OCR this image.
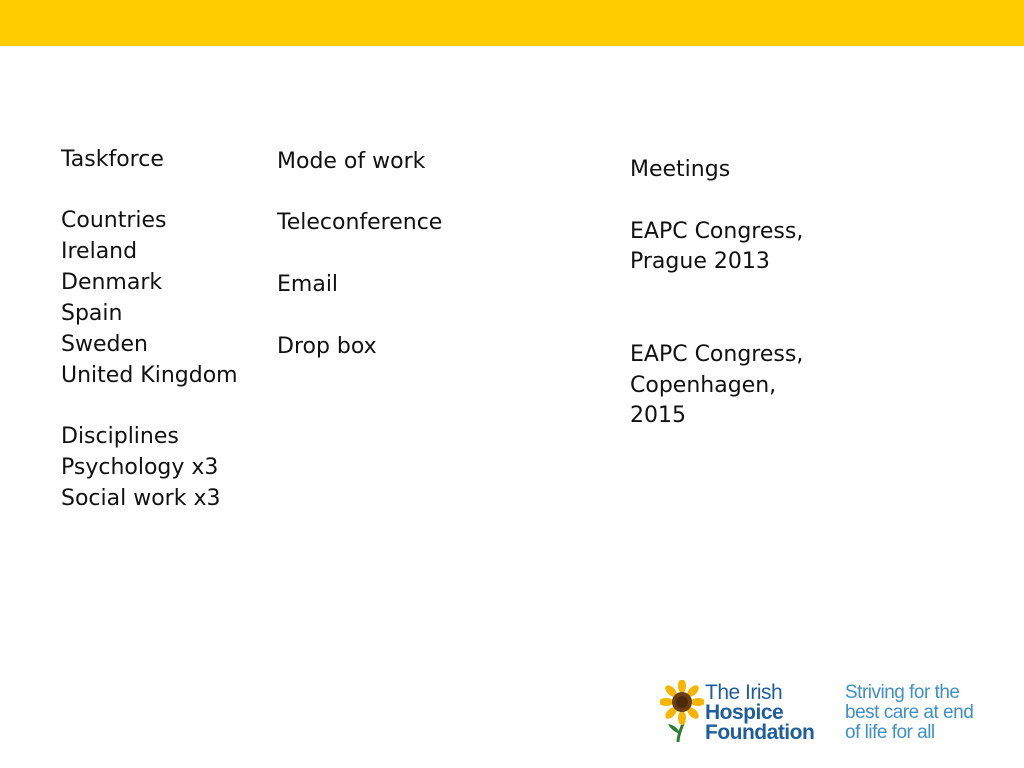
Taskforce
Countries
Ireland
Denmark
Spain
Sweden
United Kingdom
Disciplines
Psychology x3
Social work x3
Mode of work
Teleconference
Email
Drop box
Meetings
EAPC Congress,
Prague 2013
EAPC Congress,
Copenhagen,
2015
The Irish
Hospice
Foundation
Striving for the
best care at end
of life for all
